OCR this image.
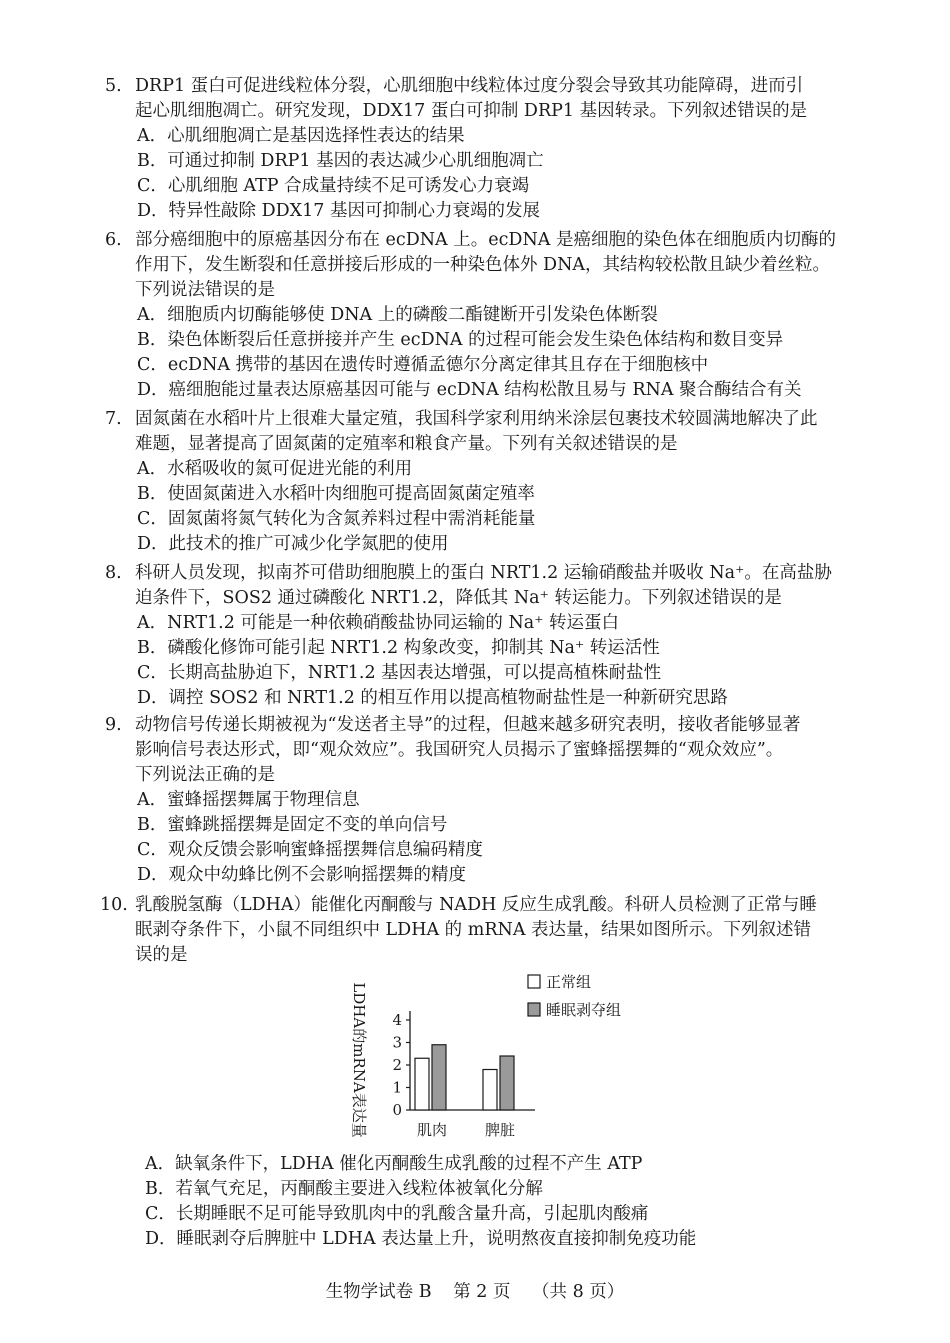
5. DRP1 蛋白可促进线粒体分裂，心肌细胞中线粒体过度分裂会导致其功能障碍，进而引
起心肌细胞凋亡。研究发现，DDX17 蛋白可抑制 DRP1 基因转录。下列叙述错误的是
A．心肌细胞凋亡是基因选择性表达的结果
B．可通过抑制 DRP1 基因的表达减少心肌细胞凋亡
C．心肌细胞 ATP 合成量持续不足可诱发心力衰竭
D．特异性敲除 DDX17 基因可抑制心力衰竭的发展
6. 部分癌细胞中的原癌基因分布在 ecDNA 上。ecDNA 是癌细胞的染色体在细胞质内切酶的
作用下，发生断裂和任意拼接后形成的一种染色体外 DNA，其结构较松散且缺少着丝粒。
下列说法错误的是
A．细胞质内切酶能够使 DNA 上的磷酸二酯键断开引发染色体断裂
B．染色体断裂后任意拼接并产生 ecDNA 的过程可能会发生染色体结构和数目变异
C．ecDNA 携带的基因在遗传时遵循孟德尔分离定律其且存在于细胞核中
D．癌细胞能过量表达原癌基因可能与 ecDNA 结构松散且易与 RNA 聚合酶结合有关
7. 固氮菌在水稻叶片上很难大量定殖，我国科学家利用纳米涂层包裹技术较圆满地解决了此
难题，显著提高了固氮菌的定殖率和粮食产量。下列有关叙述错误的是
A．水稻吸收的氮可促进光能的利用
B．使固氮菌进入水稻叶肉细胞可提高固氮菌定殖率
C．固氮菌将氮气转化为含氮养料过程中需消耗能量
D．此技术的推广可减少化学氮肥的使用
8. 科研人员发现，拟南芥可借助细胞膜上的蛋白 NRT1.2 运输硝酸盐并吸收 Na⁺。在高盐胁
迫条件下，SOS2 通过磷酸化 NRT1.2，降低其 Na⁺ 转运能力。下列叙述错误的是
A．NRT1.2 可能是一种依赖硝酸盐协同运输的 Na⁺ 转运蛋白
B．磷酸化修饰可能引起 NRT1.2 构象改变，抑制其 Na⁺ 转运活性
C．长期高盐胁迫下，NRT1.2 基因表达增强，可以提高植株耐盐性
D．调控 SOS2 和 NRT1.2 的相互作用以提高植物耐盐性是一种新研究思路
9. 动物信号传递长期被视为“发送者主导”的过程，但越来越多研究表明，接收者能够显著
影响信号表达形式，即“观众效应”。我国研究人员揭示了蜜蜂摇摆舞的“观众效应”。
下列说法正确的是
A．蜜蜂摇摆舞属于物理信息
B．蜜蜂跳摇摆舞是固定不变的单向信号
C．观众反馈会影响蜜蜂摇摆舞信息编码精度
D．观众中幼蜂比例不会影响摇摆舞的精度
10. 乳酸脱氢酶（LDHA）能催化丙酮酸与 NADH 反应生成乳酸。科研人员检测了正常与睡
眠剥夺条件下，小鼠不同组织中 LDHA 的 mRNA 表达量，结果如图所示。下列叙述错
误的是
LDHA的mRNA表达量 0
1
2
3
4
肌肉	脾脏
正常组
睡眠剥夺组
A．缺氧条件下，LDHA 催化丙酮酸生成乳酸的过程不产生 ATP
B．若氧气充足，丙酮酸主要进入线粒体被氧化分解
C．长期睡眠不足可能导致肌肉中的乳酸含量升高，引起肌肉酸痛
D．睡眠剥夺后脾脏中 LDHA 表达量上升，说明熬夜直接抑制免疫功能
生物学试卷 B 第 2 页 （共 8 页）
